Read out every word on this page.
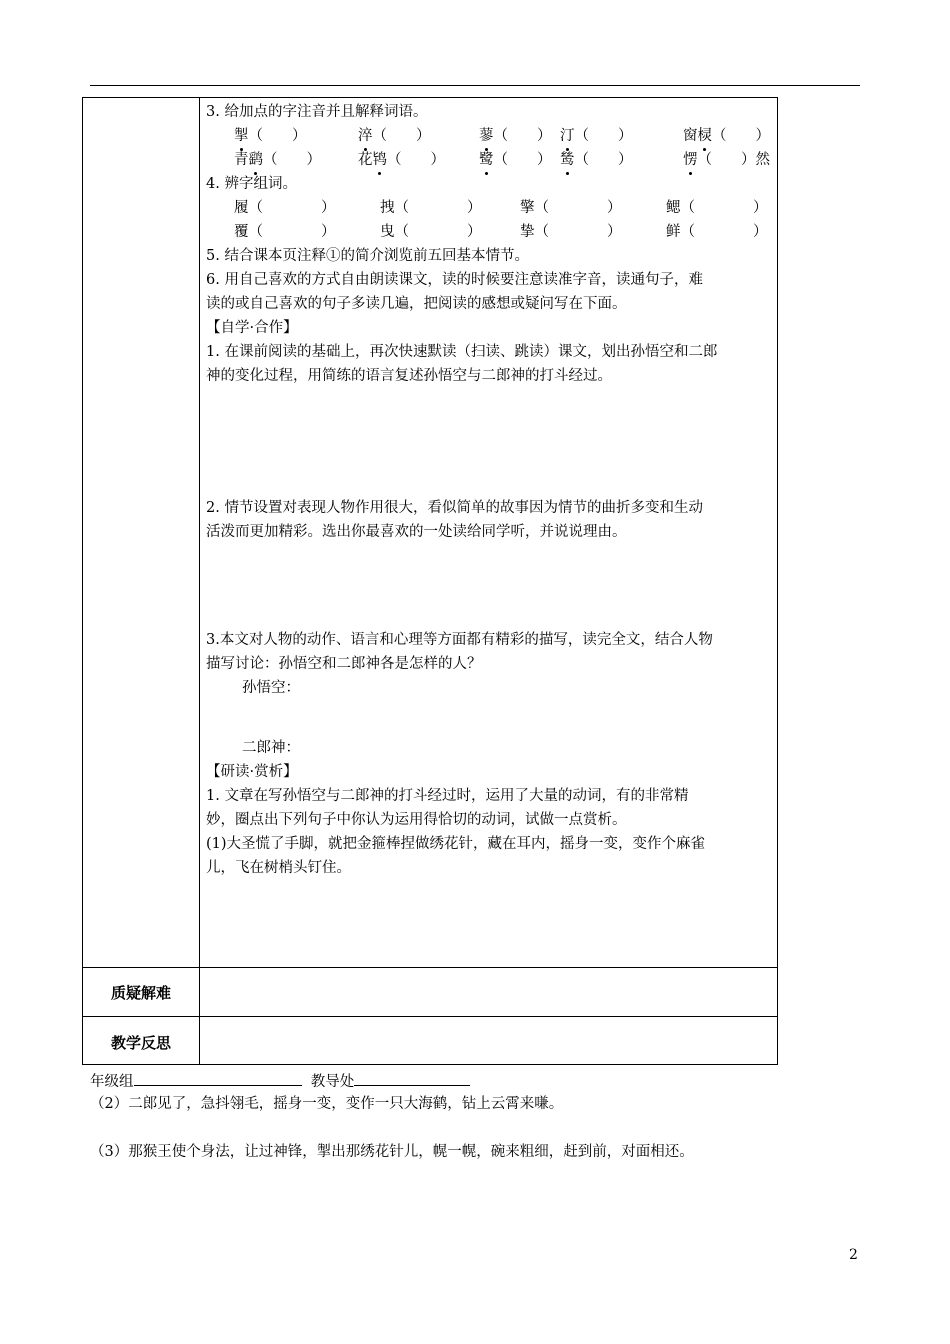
质疑解难
教学反思
3. 给加点的字注音并且解释词语。
掣（　　）	淬（　　）	蓼（　　） 汀（　　）	窗棂（　　）
青鹞（　　）	花鸨（　　） 鹭（　　） 鸶（　　）	愣（　　）然
4. 辨字组词。
履（　　　　）	拽（　　　　）	擎（　　　　）	鳃（　　　　）
覆（　　　　）	曳（　　　　）	挚（　　　　）	鲜（　　　　）
5. 结合课本页注释①的简介浏览前五回基本情节。
6. 用自己喜欢的方式自由朗读课文，读的时候要注意读准字音，读通句子，难
读的或自己喜欢的句子多读几遍，把阅读的感想或疑问写在下面。
【自学·合作】
1. 在课前阅读的基础上，再次快速默读（扫读、跳读）课文，划出孙悟空和二郎
神的变化过程，用简练的语言复述孙悟空与二郎神的打斗经过。
2. 情节设置对表现人物作用很大，看似简单的故事因为情节的曲折多变和生动
活泼而更加精彩。选出你最喜欢的一处读给同学听，并说说理由。
3.本文对人物的动作、语言和心理等方面都有精彩的描写，读完全文，结合人物
描写讨论：孙悟空和二郎神各是怎样的人？
孙悟空：
二郎神：
【研读·赏析】
1. 文章在写孙悟空与二郎神的打斗经过时，运用了大量的动词，有的非常精
妙，圈点出下列句子中你认为运用得恰切的动词，试做一点赏析。
(1)大圣慌了手脚，就把金箍棒捏做绣花针，藏在耳内，摇身一变，变作个麻雀
儿，飞在树梢头钉住。
年级组	教导处
（2）二郎见了，急抖翎毛，摇身一变，变作一只大海鹤，钻上云霄来嗛。
（3）那猴王使个身法，让过神锋，掣出那绣花针儿，幌一幌，碗来粗细，赶到前，对面相还。
2
